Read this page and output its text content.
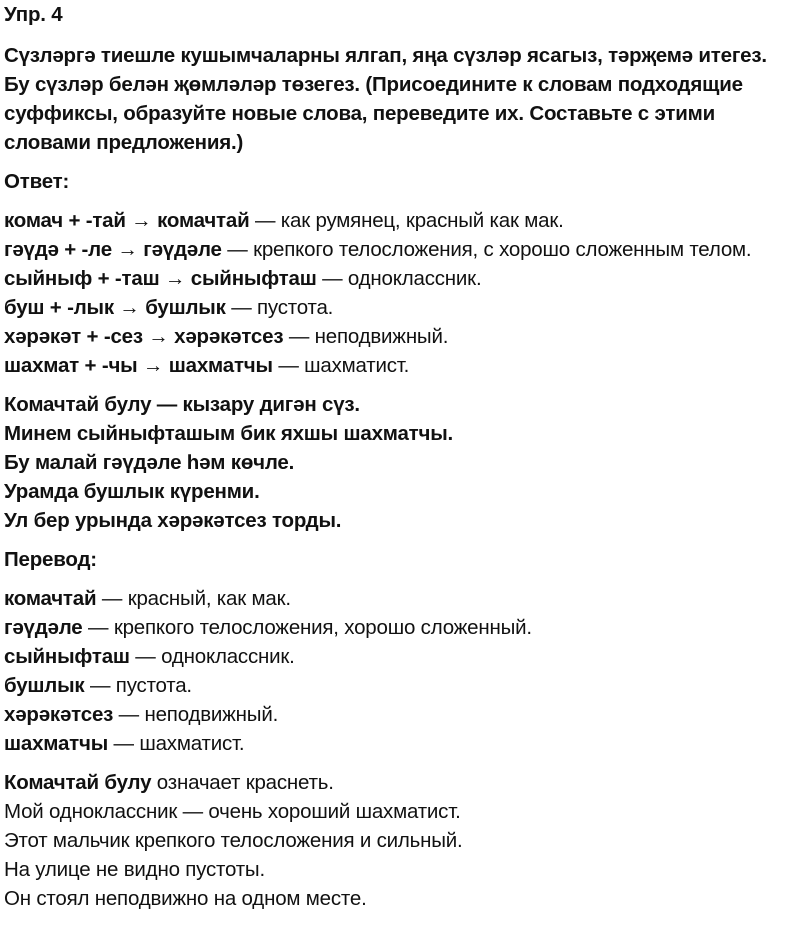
Упр. 4
Сүзләргә тиешле кушымчаларны ялгап, яңа сүзләр ясагыз, тәрҗемә итегез. Бу сүзләр белән җөмләләр төзегез. (Присоедините к словам подходящие суффиксы, образуйте новые слова, переведите их. Составьте с этими словами предложения.)
Ответ:
комач + -тай → комачтай — как румянец, красный как мак.
гәүдә + -ле → гәүдәле — крепкого телосложения, с хорошо сложенным телом.
сыйныф + -таш → сыйныфташ — одноклассник.
буш + -лык → бушлык — пустота.
хәрәкәт + -сез → хәрәкәтсез — неподвижный.
шахмат + -чы → шахматчы — шахматист.
Комачтай булу — кызару дигән сүз.
Минем сыйныфташым бик яхшы шахматчы.
Бу малай гәүдәле һәм көчле.
Урамда бушлык күренми.
Ул бер урында хәрәкәтсез торды.
Перевод:
комачтай — красный, как мак.
гәүдәле — крепкого телосложения, хорошо сложенный.
сыйныфташ — одноклассник.
бушлык — пустота.
хәрәкәтсез — неподвижный.
шахматчы — шахматист.
Комачтай булу означает краснеть.
Мой одноклассник — очень хороший шахматист.
Этот мальчик крепкого телосложения и сильный.
На улице не видно пустоты.
Он стоял неподвижно на одном месте.
